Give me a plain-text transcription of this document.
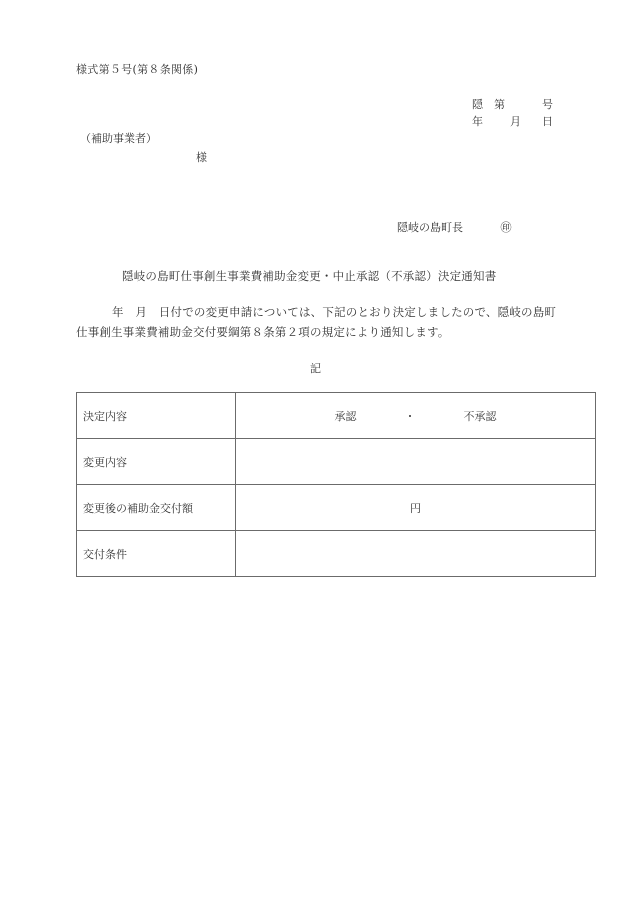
様式第５号(第８条関係)
隠 第	号
年 月 日
（補助事業者）
様
隠岐の島町長	㊞
隠岐の島町仕事創生事業費補助金変更・中止承認（不承認）決定通知書
年　月　日付での変更申請については、下記のとおり決定しましたので、隠岐の島町仕事創生事業費補助金交付要綱第８条第２項の規定により通知します。
記
決定内容	承認 ・ 不承認
変更内容	
変更後の補助金交付額	円
交付条件	
